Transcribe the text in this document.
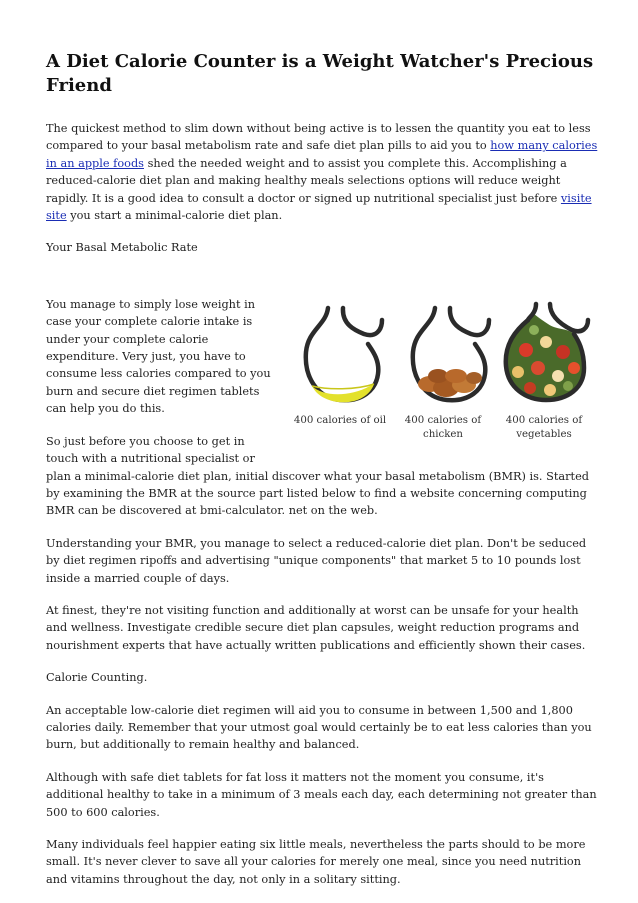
A Diet Calorie Counter is a Weight Watcher's Precious Friend

The quickest method to slim down without being active is to lessen the quantity you eat to less compared to your basal metabolism rate and safe diet plan pills to aid you to how many calories in an apple foods shed the needed weight and to assist you complete this. Accomplishing a reduced-calorie diet plan and making healthy meals selections options will reduce weight rapidly. It is a good idea to consult a doctor or signed up nutritional specialist just before visite site you start a minimal-calorie diet plan.

Your Basal Metabolic Rate

400 calories of oil	400 calories of chicken
400 calories of vegetables

You manage to simply lose weight in case your complete calorie intake is under your complete calorie expenditure. Very just, you have to consume less calories compared to you burn and secure diet regimen tablets can help you do this.

So just before you choose to get in touch with a nutritional specialist or plan a minimal-calorie diet plan, initial discover what your basal metabolism (BMR) is. Started by examining the BMR at the source part listed below to find a website concerning computing BMR can be discovered at bmi-calculator. net on the web.

Understanding your BMR, you manage to select a reduced-calorie diet plan. Don't be seduced by diet regimen ripoffs and advertising "unique components" that market 5 to 10 pounds lost inside a married couple of days.

At finest, they're not visiting function and additionally at worst can be unsafe for your health and wellness. Investigate credible secure diet plan capsules, weight reduction programs and nourishment experts that have actually written publications and efficiently shown their cases.

Calorie Counting.

An acceptable low-calorie diet regimen will aid you to consume in between 1,500 and 1,800 calories daily. Remember that your utmost goal would certainly be to eat less calories than you burn, but additionally to remain healthy and balanced.

Although with safe diet tablets for fat loss it matters not the moment you consume, it's additional healthy to take in a minimum of 3 meals each day, each determining not greater than 500 to 600 calories.

Many individuals feel happier eating six little meals, nevertheless the parts should to be more small. It's never clever to save all your calories for merely one meal, since you need nutrition and vitamins throughout the day, not only in a solitary sitting.
